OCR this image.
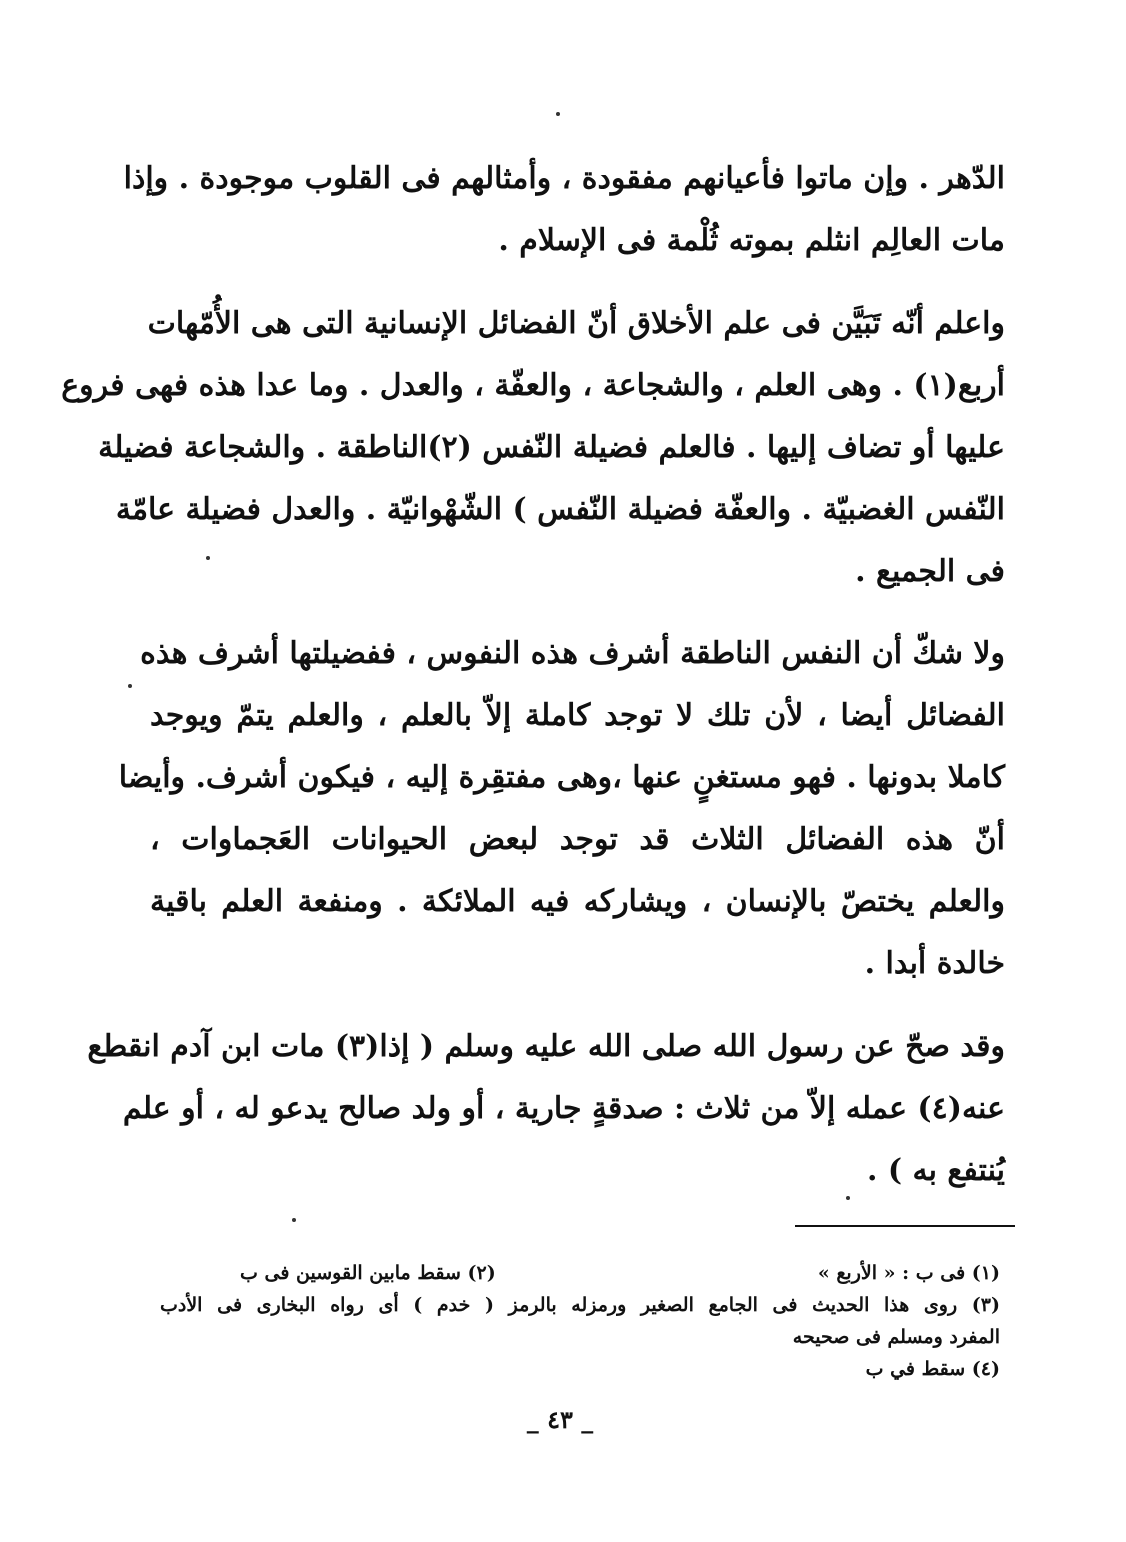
الدّهر . وإن ماتوا فأعيانهم مفقودة ، وأمثالهم فى القلوب موجودة . وإذا
مات العالِم انثلم بموته ثُلْمة فى الإسلام .
واعلم أنّه تَبَيَّن فى علم الأخلاق أنّ الفضائل الإنسانية التى هى الأُمّهات
أربع(١) . وهى العلم ، والشجاعة ، والعفّة ، والعدل . وما عدا هذه فهى فروع
عليها أو تضاف إليها . فالعلم فضيلة النّفس (٢)الناطقة . والشجاعة فضيلة
النّفس الغضبيّة . والعفّة فضيلة النّفس ) الشّهْوانيّة . والعدل فضيلة عامّة
فى الجميع .
ولا شكّ أن النفس الناطقة أشرف هذه النفوس ، ففضيلتها أشرف هذه
الفضائل أيضا ، لأن تلك لا توجد كاملة إلاّ بالعلم ، والعلم يتمّ ويوجد
كاملا بدونها . فهو مستغنٍ عنها ،وهى مفتقِرة إليه ، فيكون أشرف. وأيضا
أنّ هذه الفضائل الثلاث قد توجد لبعض الحيوانات العَجماوات ،
والعلم يختصّ بالإنسان ، ويشاركه فيه الملائكة . ومنفعة العلم باقية
خالدة أبدا .
وقد صحّ عن رسول الله صلى الله عليه وسلم ( إذا(٣) مات ابن آدم انقطع
عنه(٤) عمله إلاّ من ثلاث : صدقةٍ جارية ، أو ولد صالح يدعو له ، أو علم
يُنتفع به ) .
(١) فى ب : « الأربع »
(٢) سقط مابين القوسين فى ب
(٣) روى هذا الحديث فى الجامع الصغير ورمزله بالرمز ( خدم ) أى رواه البخارى فى الأدب
المفرد ومسلم فى صحيحه
(٤) سقط في ب
_ ٤٣ _
